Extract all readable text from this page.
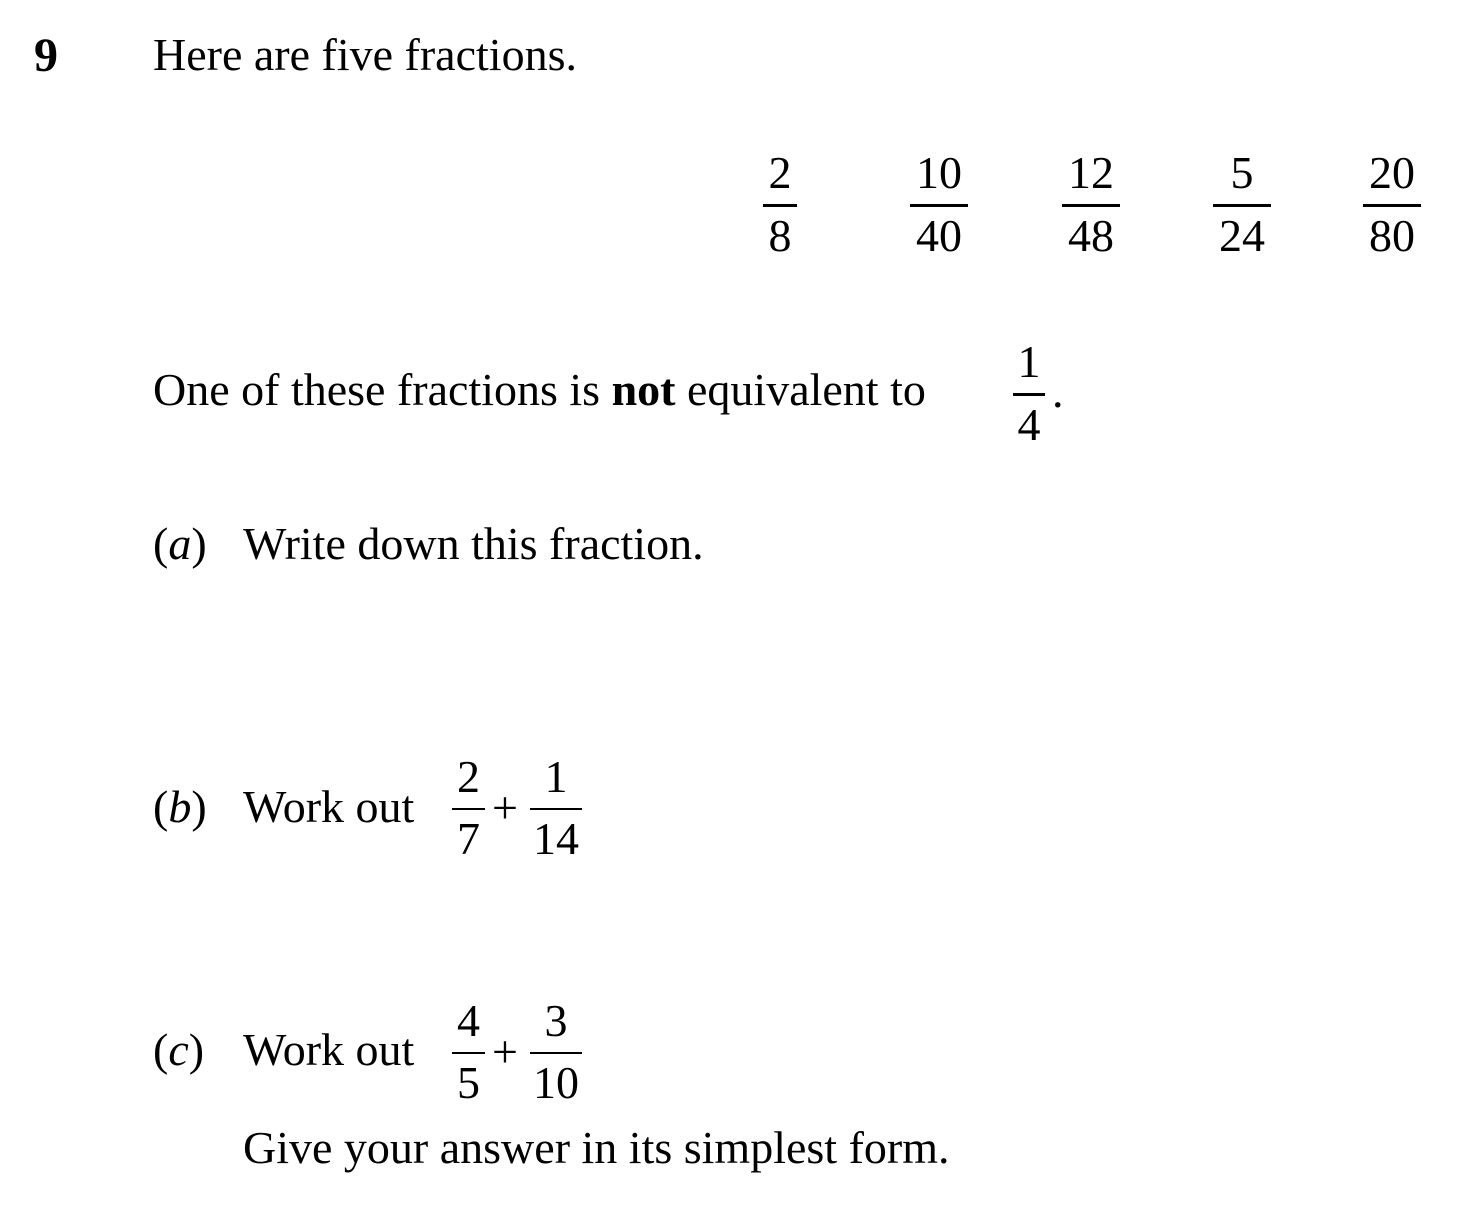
9 Here are five fractions.
2
8
10
40
12
48
5
24
20
80
One of these fractions is not equivalent to
1
4
.
(a) Write down this fraction.
(b) Work out
2
7
+
1
14
(c) Work out
4
5
+
3
10
Give your answer in its simplest form.
